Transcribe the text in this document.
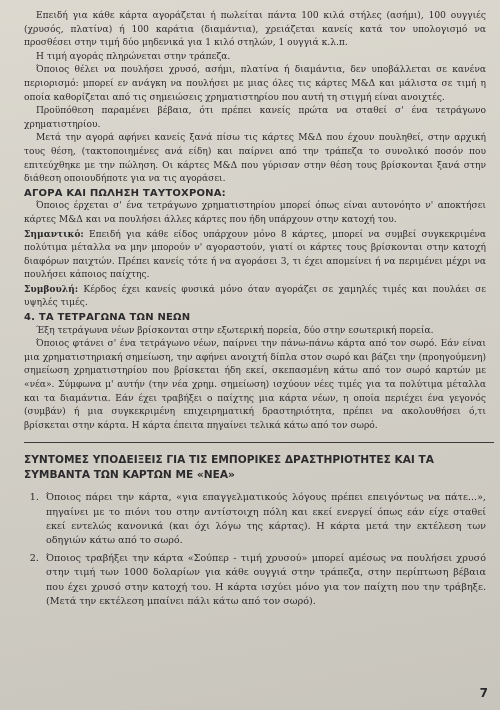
Επειδή για κάθε κάρτα αγοράζεται ή πωλείται πάντα 100 κιλά στήλες (ασήμι), 100 ουγγιές (χρυσός, πλατίνα) ή 100 καράτια (διαμάντια), χρειάζεται κανείς κατά τον υπολογισμό να προσθέσει στην τιμή δύο μηδενικά για 1 κιλό στηλών, 1 ουγγιά κ.λ.π.

Η τιμή αγοράς πληρώνεται στην τράπεζα.

Όποιος θέλει να πουλήσει χρυσό, ασήμι, πλατίνα ή διαμάντια, δεν υποβάλλεται σε κανένα περιορισμό: μπορεί εν ανάγκη να πουλήσει με μιας όλες τις κάρτες Μ&Δ και μάλιστα σε τιμή η οποία καθορίζεται από τις σημειώσεις χρηματιστηρίου που αυτή τη στιγμή είναι ανοιχτές.

Προϋπόθεση παραμένει βέβαια, ότι πρέπει κανείς πρώτα να σταθεί σ' ένα τετράγωνο χρηματιστηρίου.

Μετά την αγορά αφήνει κανείς ξανά πίσω τις κάρτες Μ&Δ που έχουν πουληθεί, στην αρχική τους θέση, (τακτοποιημένες ανά είδη) και παίρνει από την τράπεζα το συνολικό ποσόν που επιτεύχθηκε με την πώληση. Οι κάρτες Μ&Δ που γύρισαν στην θέση τους βρίσκονται ξανά στην διάθεση οποιουδήποτε για να τις αγοράσει.

ΑΓΟΡΑ ΚΑΙ ΠΩΛΗΣΗ ΤΑΥΤΟΧΡΟΝΑ:

Όποιος έρχεται σ' ένα τετράγωνο χρηματιστηρίου μπορεί όπως είναι αυτονόητο ν' αποκτήσει κάρτες Μ&Δ και να πουλήσει άλλες κάρτες που ήδη υπάρχουν στην κατοχή του.

Σημαντικό: Επειδή για κάθε είδος υπάρχουν μόνο 8 κάρτες, μπορεί να συμβεί συγκεκριμένα πολύτιμα μέταλλα να μην μπορούν ν' αγοραστούν, γιατί οι κάρτες τους βρίσκονται στην κατοχή διαφόρων παιχτών. Πρέπει κανείς τότε ή να αγοράσει 3, τι έχει απομείνει ή να περιμένει μέχρι να πουλήσει κάποιος παίχτης.

Συμβουλή: Κέρδος έχει κανείς φυσικά μόνο όταν αγοράζει σε χαμηλές τιμές και πουλάει σε υψηλές τιμές.

4. ΤΑ ΤΕΤΡΑΓΩΝΑ ΤΩΝ ΝΕΩΝ

Έξη τετράγωνα νέων βρίσκονται στην εξωτερική πορεία, δύο στην εσωτερική πορεία.

Όποιος φτάνει σ' ένα τετράγωνο νέων, παίρνει την πάνω-πάνω κάρτα από τον σωρό. Εάν είναι μια χρηματιστηριακή σημείωση, την αφήνει ανοιχτή δίπλα στον σωρό και βάζει την (προηγούμενη) σημείωση χρηματιστηρίου που βρίσκεται ήδη εκεί, σκεπασμένη κάτω από τον σωρό καρτών με «νέα». Σύμφωνα μ' αυτήν (την νέα χρημ. σημείωση) ισχύουν νέες τιμές για τα πολύτιμα μέταλλα και τα διαμάντια. Εάν έχει τραβήξει ο παίχτης μια κάρτα νέων, η οποία περιέχει ένα γεγονός (συμβάν) ή μια συγκεκριμένη επιχειρηματική δραστηριότητα, πρέπει να ακολουθήσει ό,τι βρίσκεται στην κάρτα. Η κάρτα έπειτα πηγαίνει τελικά κάτω από τον σωρό.

ΣΥΝΤΟΜΕΣ ΥΠΟΔΕΙΞΕΙΣ ΓΙΑ ΤΙΣ ΕΜΠΟΡΙΚΕΣ ΔΡΑΣΤΗΡΙΟΤΗΤΕΣ ΚΑΙ ΤΑ ΣΥΜΒΑΝΤΑ ΤΩΝ ΚΑΡΤΩΝ ΜΕ «ΝΕΑ»

1. Όποιος πάρει την κάρτα, «για επαγγελματικούς λόγους πρέπει επειγόντως να πάτε...», πηγαίνει με το πιόνι του στην αντίστοιχη πόλη και εκεί ενεργεί όπως εάν είχε σταθεί εκεί εντελώς κανονικά (και όχι λόγω της κάρτας). Η κάρτα μετά την εκτέλεση των οδηγιών κάτω από το σωρό.
2. Όποιος τραβήξει την κάρτα «Σούπερ - τιμή χρυσού» μπορεί αμέσως να πουλήσει χρυσό στην τιμή των 1000 δολαρίων για κάθε ουγγιά στην τράπεζα, στην περίπτωση βέβαια που έχει χρυσό στην κατοχή του. Η κάρτα ισχύει μόνο για τον παίχτη που την τράβηξε. (Μετά την εκτέλεση μπαίνει πάλι κάτω από τον σωρό).
7
